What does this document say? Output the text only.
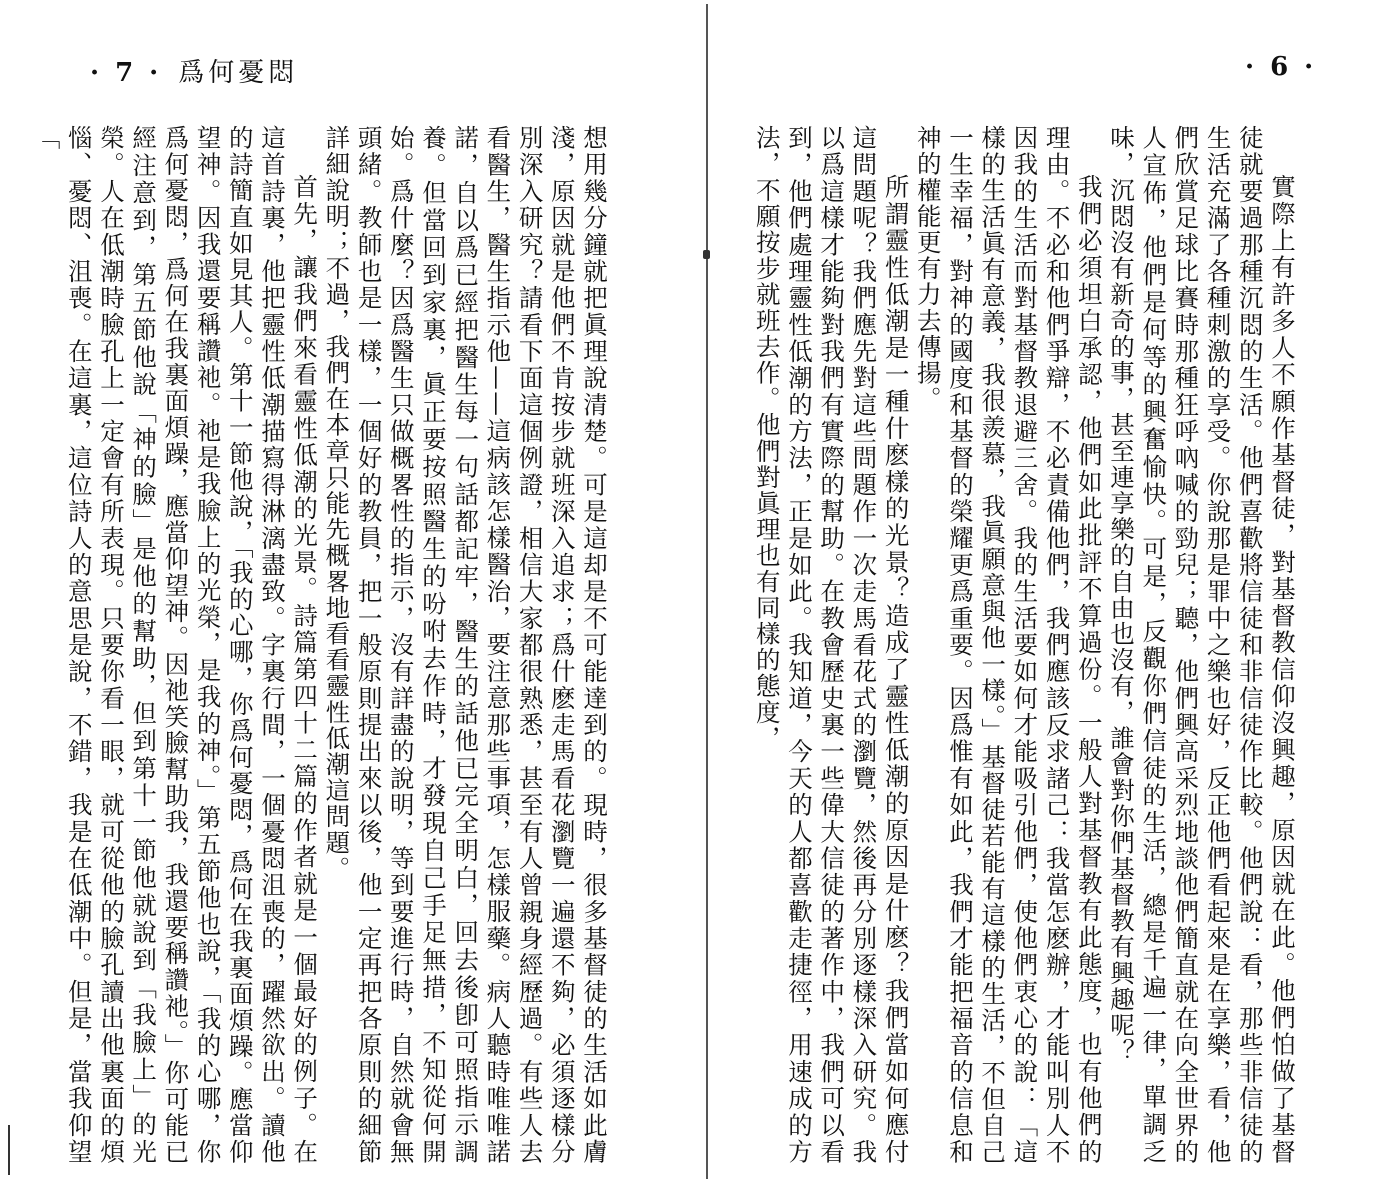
· 7 · 爲何憂悶

想用幾分鐘就把眞理說清楚。可是這却是不可能達到的。現時，很多基督徒的生活如此膚淺，原因就是他們不肯按步就班深入追求；爲什麽走馬看花瀏覽一遍還不夠，必須逐樣分別深入研究？請看下面這個例證，相信大家都很熟悉，甚至有人曾親身經歷過。有些人去看醫生，醫生指示他——這病該怎樣醫治，要注意那些事項，怎樣服藥。病人聽時唯唯諾諾，自以爲已經把醫生每一句話都記牢，醫生的話他已完全明白，回去後卽可照指示調養。但當回到家裏，眞正要按照醫生的吩咐去作時，才發現自己手足無措，不知從何開始。爲什麼？因爲醫生只做概畧性的指示，沒有詳盡的說明，等到要進行時，自然就會無頭緒。教師也是一樣，一個好的教員，把一般原則提出來以後，他一定再把各原則的細節詳細說明；不過，我們在本章只能先概畧地看看靈性低潮這問題。

首先，讓我們來看靈性低潮的光景。詩篇第四十二篇的作者就是一個最好的例子。在這首詩裏，他把靈性低潮描寫得淋漓盡致。字裏行間，一個憂悶沮喪的，躍然欲出。讀他的詩簡直如見其人。第十一節他說，「我的心哪，你爲何憂悶，爲何在我裏面煩躁。應當仰望神。因我還要稱讚祂。祂是我臉上的光榮，是我的神。」第五節他也說，「我的心哪，你爲何憂悶，爲何在我裏面煩躁，應當仰望神。因祂笑臉幫助我，我還要稱讚祂。」你可能已經注意到，第五節他說「神的臉」是他的幫助，但到第十一節他就說到「我臉上」的光榮。人在低潮時臉孔上一定會有所表現。只要你看一眼，就可從他的臉孔讀出他裏面的煩惱、憂悶、沮喪。在這裏，這位詩人的意思是說，不錯，我是在低潮中。但是，當我仰望「

· 6 ·

實際上有許多人不願作基督徒，對基督教信仰沒興趣，原因就在此。他們怕做了基督徒就要過那種沉悶的生活。他們喜歡將信徒和非信徒作比較。他們說：看，那些非信徒的生活充滿了各種刺激的享受。你說那是罪中之樂也好，反正他們看起來是在享樂，看，他們欣賞足球比賽時那種狂呼吶喊的勁兒；聽，他們興高采烈地談他們簡直就在向全世界的人宣佈，他們是何等的興奮愉快。可是，反觀你們信徒的生活，總是千遍一律，單調乏味，沉悶沒有新奇的事，甚至連享樂的自由也沒有，誰會對你們基督教有興趣呢？

我們必須坦白承認，他們如此批評不算過份。一般人對基督教有此態度，也有他們的理由。不必和他們爭辯，不必責備他們，我們應該反求諸己：我當怎麽辦，才能叫別人不因我的生活而對基督教退避三舍。我的生活要如何才能吸引他們，使他們衷心的說：「這樣的生活眞有意義，我很羨慕，我眞願意與他一樣。」基督徒若能有這樣的生活，不但自己一生幸福，對神的國度和基督的榮耀更爲重要。因爲惟有如此，我們才能把福音的信息和神的權能更有力去傳揚。

所謂靈性低潮是一種什麽樣的光景？造成了靈性低潮的原因是什麽？我們當如何應付這問題呢？我們應先對這些問題作一次走馬看花式的瀏覽，然後再分別逐樣深入研究。我以爲這樣才能夠對我們有實際的幫助。在教會歷史裏一些偉大信徒的著作中，我們可以看到，他們處理靈性低潮的方法，正是如此。我知道，今天的人都喜歡走捷徑，用速成的方法，不願按步就班去作。他們對眞理也有同樣的態度，
